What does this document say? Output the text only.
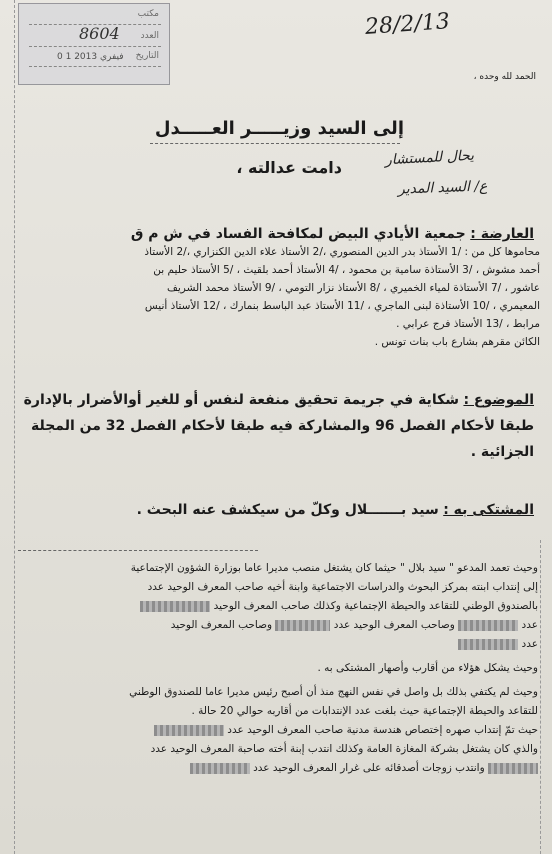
مكتب
العدد
8604
التاريخ
0 1 فيفري 2013
28/2/13
الحمد لله وحده ،
إلى السيد وزيـــــر العـــــدل
يحال للمستشار
دامت عدالته ،
ع/ السيد المدير
العارضة : جمعية الأيادي البيض لمكافحة الفساد في ش م ق
محاموها كل من : /1 الأستاذ بدر الدين المنصوري ،/2 الأستاذ علاء الدين الكنزاري ،/2 الأستاذ
أحمد مشوش ، /3 الأستاذة سامية بن محمود ، /4 الأستاذ أحمد بلقيث ، /5 الأستاذ حليم بن
عاشور ، /7 الأستاذة لمياء الخميري ، /8 الأستاذ نزار التومي ، /9 الأستاذ محمد الشريف
المعيمري ، /10 الأستاذة لبنى الماجري ، /11 الأستاذ عبد الباسط بنمارك ، /12 الأستاذ أنيس
مرابط ، /13 الأستاذ فرج عرابي .
الكائن مقرهم بشارع باب بنات تونس .
الموضوع : شكاية في جريمة تحقيق منفعة لنفس أو للغير أوالأضرار بالإدارة
طبقا لأحكام الفصل 96 والمشاركة فيه طبقا لأحكام الفصل 32 من المجلة
الجزائية .
المشتكى به : سيد بـــــــلال وكلّ من سيكشف عنه البحث .
وحيث تعمد المدعو " سيد بلال " حيثما كان يشتغل منصب مديرا عاما بوزارة الشؤون الإجتماعية
إلى إنتداب ابنته بمركز البحوث والدراسات الاجتماعية وابنة أخيه صاحب المعرف الوحيد عدد
بالصندوق الوطني للتقاعد والحيطة الإجتماعية وكذلك صاحب المعرف الوحيد
عدد  وصاحب المعرف الوحيد عدد  وصاحب المعرف الوحيد
عدد
وحيث يشكل هؤلاء من أقارب وأصهار المشتكى به .
وحيث لم يكتفي بذلك بل واصل في نفس النهج منذ أن أصبح رئيس مديرا عاما للصندوق الوطني
للتقاعد والحيطة الإجتماعية حيث بلغت عدد الإنتدابات من أقاربه حوالي 20 حالة .
حيث تمّ إنتداب صهره إختصاص هندسة مدنية صاحب المعرف الوحيد عدد
والذي كان يشتغل بشركة المغازة العامة وكذلك انتدب إبنة أخته صاحبة المعرف الوحيد عدد
وانتدب زوجات أصدقائه على غرار المعرف الوحيد عدد
